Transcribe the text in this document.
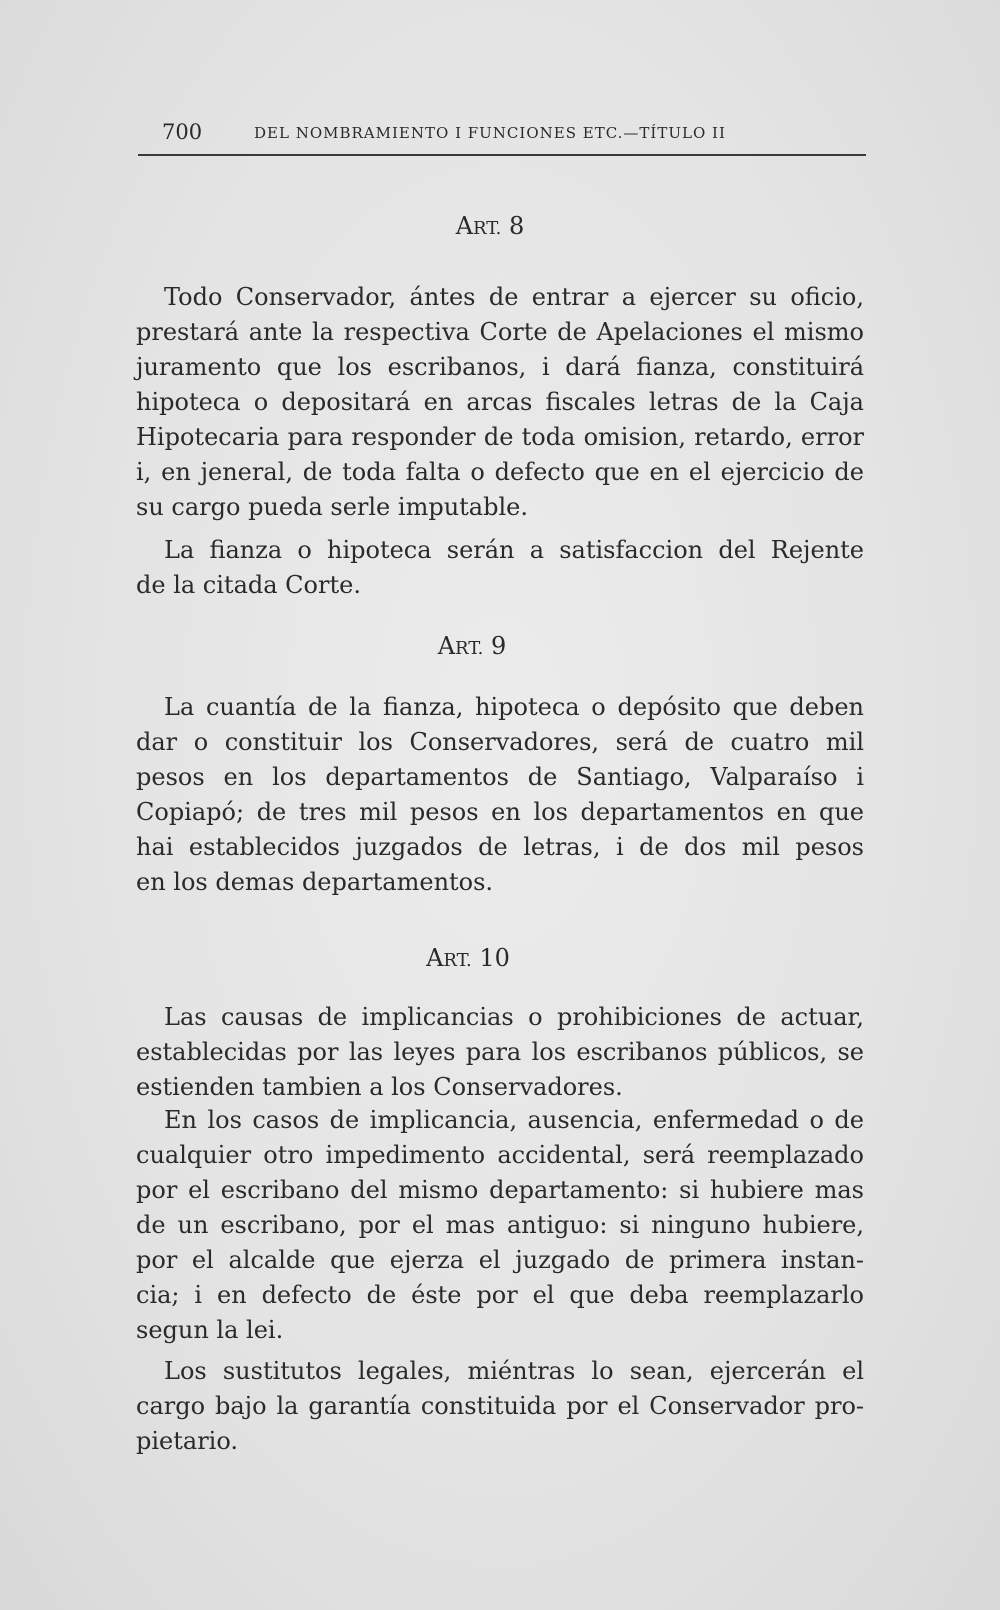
700	DEL NOMBRAMIENTO I FUNCIONES ETC.—TÍTULO II
ART. 8
Todo Conservador, ántes de entrar a ejercer su oficio,
prestará ante la respectiva Corte de Apelaciones el mismo
juramento que los escribanos, i dará fianza, constituirá
hipoteca o depositará en arcas fiscales letras de la Caja
Hipotecaria para responder de toda omision, retardo, error
i, en jeneral, de toda falta o defecto que en el ejercicio de
su cargo pueda serle imputable.
La fianza o hipoteca serán a satisfaccion del Rejente
de la citada Corte.
ART. 9
La cuantía de la fianza, hipoteca o depósito que deben
dar o constituir los Conservadores, será de cuatro mil
pesos en los departamentos de Santiago, Valparaíso i
Copiapó; de tres mil pesos en los departamentos en que
hai establecidos juzgados de letras, i de dos mil pesos
en los demas departamentos.
ART. 10
Las causas de implicancias o prohibiciones de actuar,
establecidas por las leyes para los escribanos públicos, se
estienden tambien a los Conservadores.
En los casos de implicancia, ausencia, enfermedad o de
cualquier otro impedimento accidental, será reemplazado
por el escribano del mismo departamento: si hubiere mas
de un escribano, por el mas antiguo: si ninguno hubiere,
por el alcalde que ejerza el juzgado de primera instan-
cia; i en defecto de éste por el que deba reemplazarlo
segun la lei.
Los sustitutos legales, miéntras lo sean, ejercerán el
cargo bajo la garantía constituida por el Conservador pro-
pietario.
